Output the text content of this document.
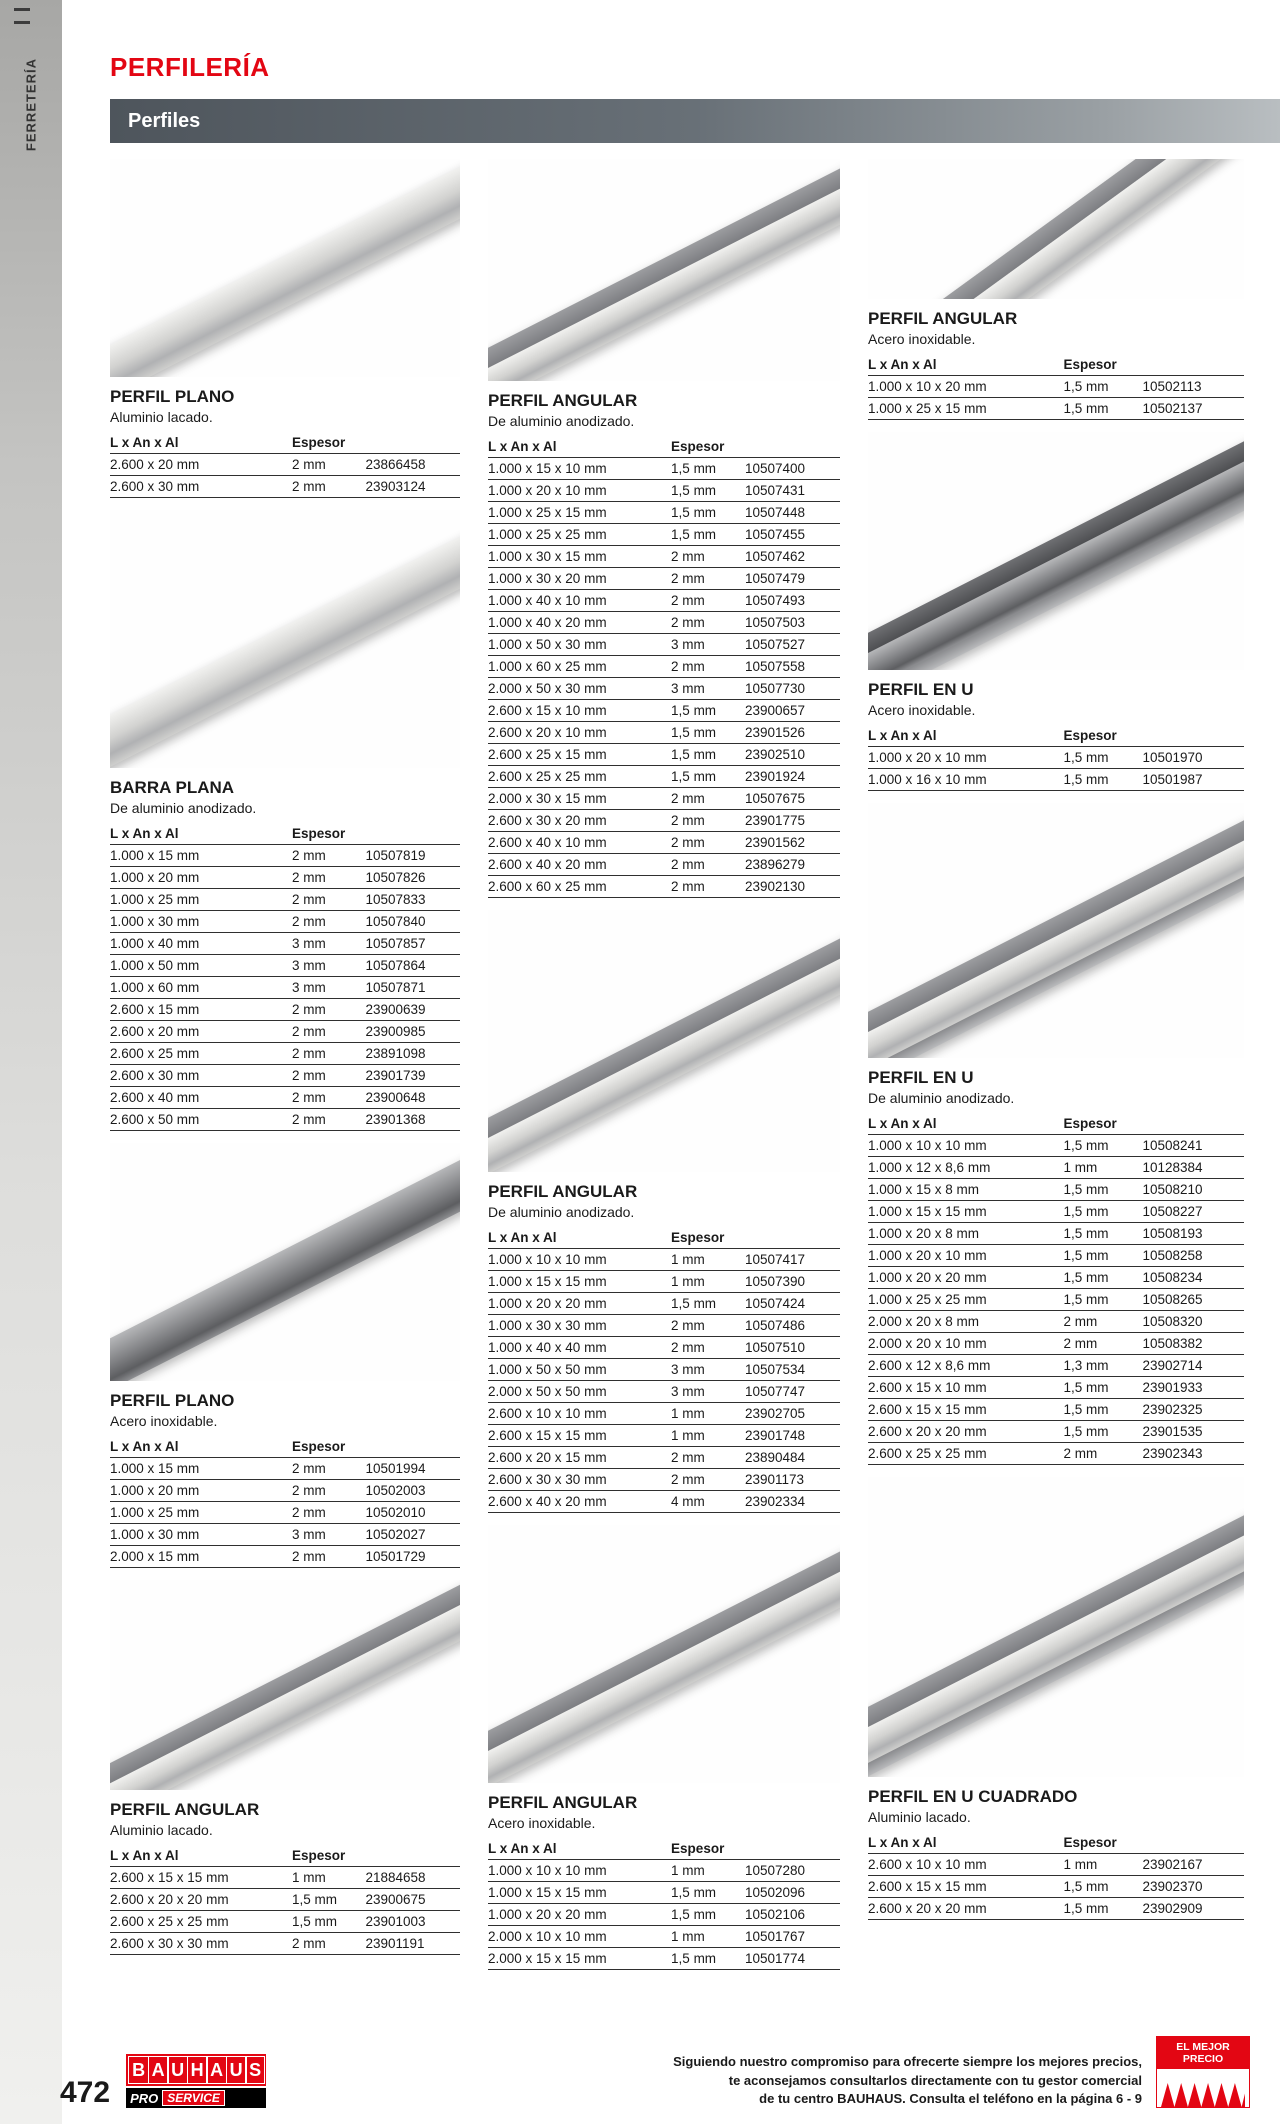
FERRETERÍA	PERFILERÍA
Perfiles
PERFIL PLANO

Aluminio lacado.

L x An x Al	Espesor	
2.600 x 20 mm	2 mm	23866458
2.600 x 30 mm	2 mm	23903124
BARRA PLANA

De aluminio anodizado.

L x An x Al	Espesor	
1.000 x 15 mm	2 mm	10507819
1.000 x 20 mm	2 mm	10507826
1.000 x 25 mm	2 mm	10507833
1.000 x 30 mm	2 mm	10507840
1.000 x 40 mm	3 mm	10507857
1.000 x 50 mm	3 mm	10507864
1.000 x 60 mm	3 mm	10507871
2.600 x 15 mm	2 mm	23900639
2.600 x 20 mm	2 mm	23900985
2.600 x 25 mm	2 mm	23891098
2.600 x 30 mm	2 mm	23901739
2.600 x 40 mm	2 mm	23900648
2.600 x 50 mm	2 mm	23901368
PERFIL PLANO

Acero inoxidable.

L x An x Al	Espesor	
1.000 x 15 mm	2 mm	10501994
1.000 x 20 mm	2 mm	10502003
1.000 x 25 mm	2 mm	10502010
1.000 x 30 mm	3 mm	10502027
2.000 x 15 mm	2 mm	10501729
PERFIL ANGULAR

Aluminio lacado.

L x An x Al	Espesor	
2.600 x 15 x 15 mm	1 mm	21884658
2.600 x 20 x 20 mm	1,5 mm	23900675
2.600 x 25 x 25 mm	1,5 mm	23901003
2.600 x 30 x 30 mm	2 mm	23901191
PERFIL ANGULAR

De aluminio anodizado.

L x An x Al	Espesor	
1.000 x 15 x 10 mm	1,5 mm	10507400
1.000 x 20 x 10 mm	1,5 mm	10507431
1.000 x 25 x 15 mm	1,5 mm	10507448
1.000 x 25 x 25 mm	1,5 mm	10507455
1.000 x 30 x 15 mm	2 mm	10507462
1.000 x 30 x 20 mm	2 mm	10507479
1.000 x 40 x 10 mm	2 mm	10507493
1.000 x 40 x 20 mm	2 mm	10507503
1.000 x 50 x 30 mm	3 mm	10507527
1.000 x 60 x 25 mm	2 mm	10507558
2.000 x 50 x 30 mm	3 mm	10507730
2.600 x 15 x 10 mm	1,5 mm	23900657
2.600 x 20 x 10 mm	1,5 mm	23901526
2.600 x 25 x 15 mm	1,5 mm	23902510
2.600 x 25 x 25 mm	1,5 mm	23901924
2.000 x 30 x 15 mm	2 mm	10507675
2.600 x 30 x 20 mm	2 mm	23901775
2.600 x 40 x 10 mm	2 mm	23901562
2.600 x 40 x 20 mm	2 mm	23896279
2.600 x 60 x 25 mm	2 mm	23902130
PERFIL ANGULAR

De aluminio anodizado.

L x An x Al	Espesor	
1.000 x 10 x 10 mm	1 mm	10507417
1.000 x 15 x 15 mm	1 mm	10507390
1.000 x 20 x 20 mm	1,5 mm	10507424
1.000 x 30 x 30 mm	2 mm	10507486
1.000 x 40 x 40 mm	2 mm	10507510
1.000 x 50 x 50 mm	3 mm	10507534
2.000 x 50 x 50 mm	3 mm	10507747
2.600 x 10 x 10 mm	1 mm	23902705
2.600 x 15 x 15 mm	1 mm	23901748
2.600 x 20 x 15 mm	2 mm	23890484
2.600 x 30 x 30 mm	2 mm	23901173
2.600 x 40 x 20 mm	4 mm	23902334
PERFIL ANGULAR

Acero inoxidable.

L x An x Al	Espesor	
1.000 x 10 x 10 mm	1 mm	10507280
1.000 x 15 x 15 mm	1,5 mm	10502096
1.000 x 20 x 20 mm	1,5 mm	10502106
2.000 x 10 x 10 mm	1 mm	10501767
2.000 x 15 x 15 mm	1,5 mm	10501774
PERFIL ANGULAR

Acero inoxidable.

L x An x Al	Espesor	
1.000 x 10 x 20 mm	1,5 mm	10502113
1.000 x 25 x 15 mm	1,5 mm	10502137
PERFIL EN U

Acero inoxidable.

L x An x Al	Espesor	
1.000 x 20 x 10 mm	1,5 mm	10501970
1.000 x 16 x 10 mm	1,5 mm	10501987
PERFIL EN U

De aluminio anodizado.

L x An x Al	Espesor	
1.000 x 10 x 10 mm	1,5 mm	10508241
1.000 x 12 x 8,6 mm	1 mm	10128384
1.000 x 15 x 8 mm	1,5 mm	10508210
1.000 x 15 x 15 mm	1,5 mm	10508227
1.000 x 20 x 8 mm	1,5 mm	10508193
1.000 x 20 x 10 mm	1,5 mm	10508258
1.000 x 20 x 20 mm	1,5 mm	10508234
1.000 x 25 x 25 mm	1,5 mm	10508265
2.000 x 20 x 8 mm	2 mm	10508320
2.000 x 20 x 10 mm	2 mm	10508382
2.600 x 12 x 8,6 mm	1,3 mm	23902714
2.600 x 15 x 10 mm	1,5 mm	23901933
2.600 x 15 x 15 mm	1,5 mm	23902325
2.600 x 20 x 20 mm	1,5 mm	23901535
2.600 x 25 x 25 mm	2 mm	23902343
PERFIL EN U CUADRADO

Aluminio lacado.

L x An x Al	Espesor	
2.600 x 10 x 10 mm	1 mm	23902167
2.600 x 15 x 15 mm	1,5 mm	23902370
2.600 x 20 x 20 mm	1,5 mm	23902909
472
B A U H A U S
PRO SERVICE
Siguiendo nuestro compromiso para ofrecerte siempre los mejores precios,
te aconsejamos consultarlos directamente con tu gestor comercial
de tu centro BAUHAUS. Consulta el teléfono en la página 6 - 9
EL MEJOR PRECIO
